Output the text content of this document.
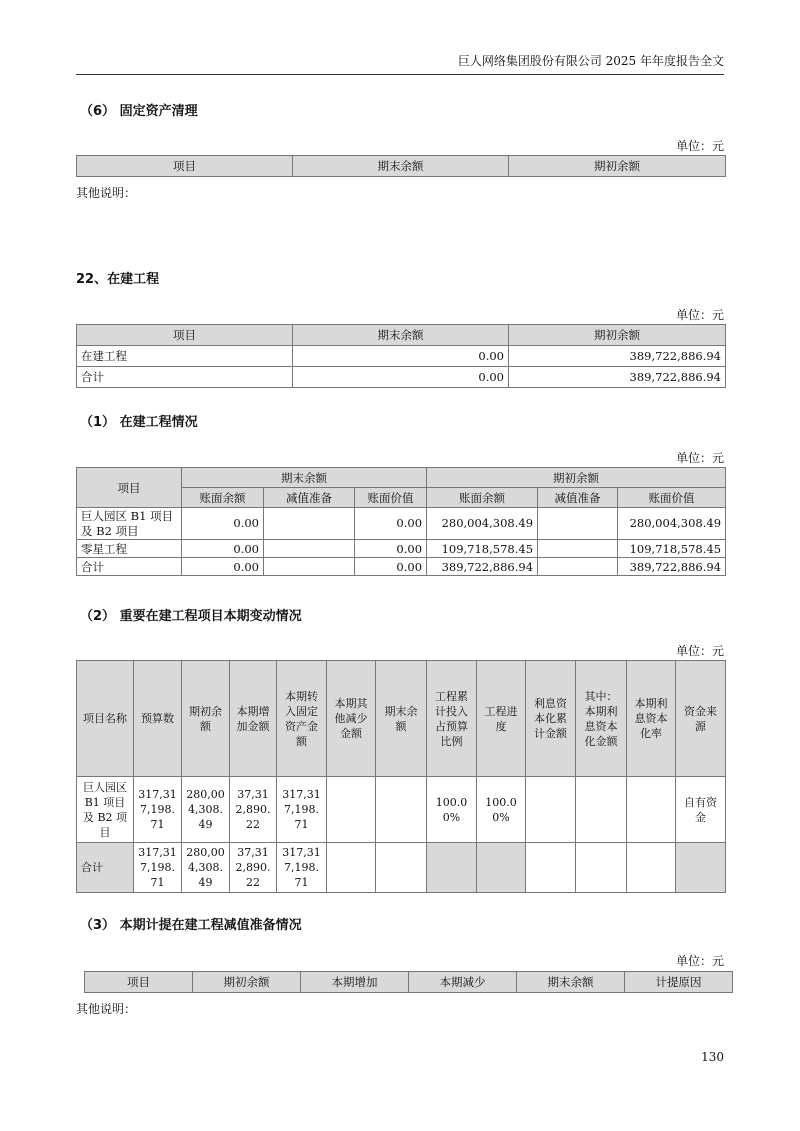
巨人网络集团股份有限公司 2025 年年度报告全文
（6） 固定资产清理
单位：元
项目	期末余额	期初余额
其他说明：
22、在建工程
单位：元
项目	期末余额	期初余额
在建工程	0.00	389,722,886.94
合计	0.00	389,722,886.94
（1） 在建工程情况
单位：元
项目	期末余额			期初余额		
	账面余额	减值准备	账面价值	账面余额	减值准备	账面价值
巨人园区 B1 项目及 B2 项目	0.00		0.00	280,004,308.49		280,004,308.49
零星工程	0.00		0.00	109,718,578.45		109,718,578.45
合计	0.00		0.00	389,722,886.94		389,722,886.94
（2） 重要在建工程项目本期变动情况
单位：元
项目名称	预算数	期初余额	本期增加金额	本期转入固定资产金额	本期其他减少金额	期末余额	工程累计投入占预算比例	工程进度	利息资本化累计金额	其中：本期利息资本化金额	本期利息资本化率	资金来源
巨人园区 B1 项目及 B2 项目	317,317,198.71	280,004,308.49	37,312,890.22	317,317,198.71			100.00%	100.00%				自有资金
合计	317,317,198.71	280,004,308.49	37,312,890.22	317,317,198.71								
（3） 本期计提在建工程减值准备情况
单位：元
项目	期初余额	本期增加	本期减少	期末余额	计提原因
其他说明：
130
